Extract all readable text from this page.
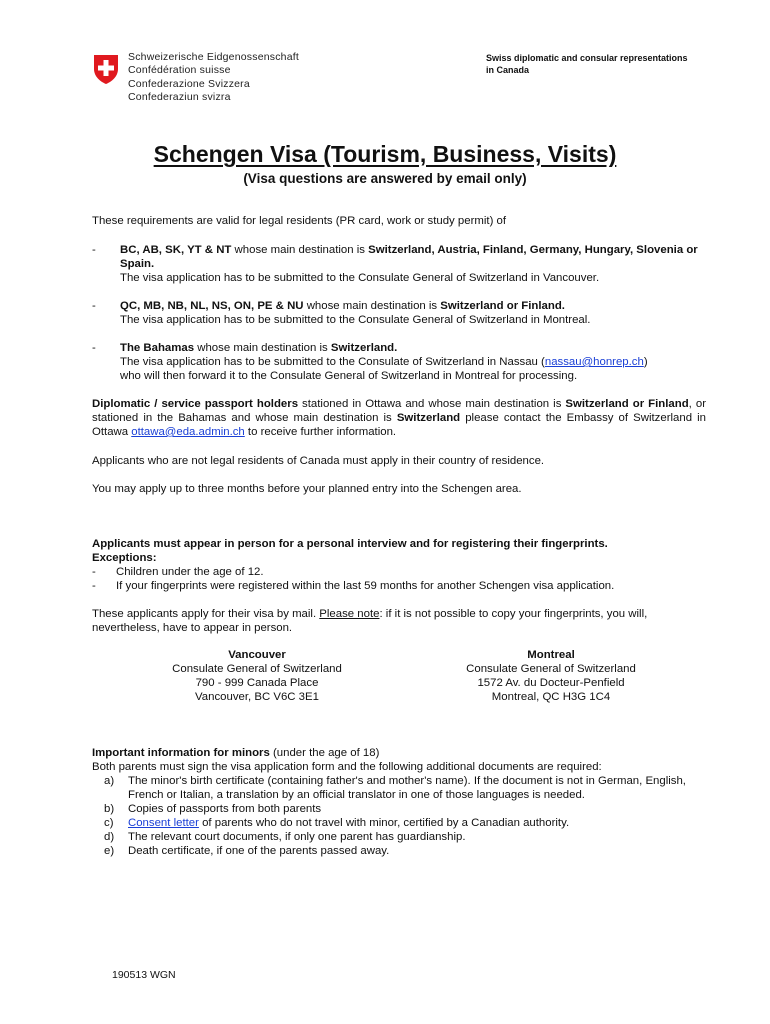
Schweizerische Eidgenossenschaft
Confédération suisse
Confederazione Svizzera
Confederaziun svizra
Swiss diplomatic and consular representations
in Canada
Schengen Visa (Tourism, Business, Visits)
(Visa questions are answered by email only)
These requirements are valid for legal residents (PR card, work or study permit) of
- BC, AB, SK, YT & NT whose main destination is Switzerland, Austria, Finland, Germany, Hungary, Slovenia or Spain.
The visa application has to be submitted to the Consulate General of Switzerland in Vancouver.
- QC, MB, NB, NL, NS, ON, PE & NU whose main destination is Switzerland or Finland.
The visa application has to be submitted to the Consulate General of Switzerland in Montreal.
- The Bahamas whose main destination is Switzerland.
The visa application has to be submitted to the Consulate of Switzerland in Nassau (nassau@honrep.ch)
who will then forward it to the Consulate General of Switzerland in Montreal for processing.
Diplomatic / service passport holders stationed in Ottawa and whose main destination is Switzerland or Finland, or stationed in the Bahamas and whose main destination is Switzerland please contact the Embassy of Switzerland in Ottawa ottawa@eda.admin.ch to receive further information.
Applicants who are not legal residents of Canada must apply in their country of residence.
You may apply up to three months before your planned entry into the Schengen area.
Applicants must appear in person for a personal interview and for registering their fingerprints.
Exceptions:
- Children under the age of 12.
- If your fingerprints were registered within the last 59 months for another Schengen visa application.
These applicants apply for their visa by mail. Please note: if it is not possible to copy your fingerprints, you will, nevertheless, have to appear in person.
Vancouver
Consulate General of Switzerland
790 - 999 Canada Place
Vancouver, BC V6C 3E1
Montreal
Consulate General of Switzerland
1572 Av. du Docteur-Penfield
Montreal, QC H3G 1C4
Important information for minors (under the age of 18)
Both parents must sign the visa application form and the following additional documents are required:
a) The minor's birth certificate (containing father's and mother's name). If the document is not in German, English, French or Italian, a translation by an official translator in one of those languages is needed.
b) Copies of passports from both parents
c) Consent letter of parents who do not travel with minor, certified by a Canadian authority.
d) The relevant court documents, if only one parent has guardianship.
e) Death certificate, if one of the parents passed away.
190513 WGN
